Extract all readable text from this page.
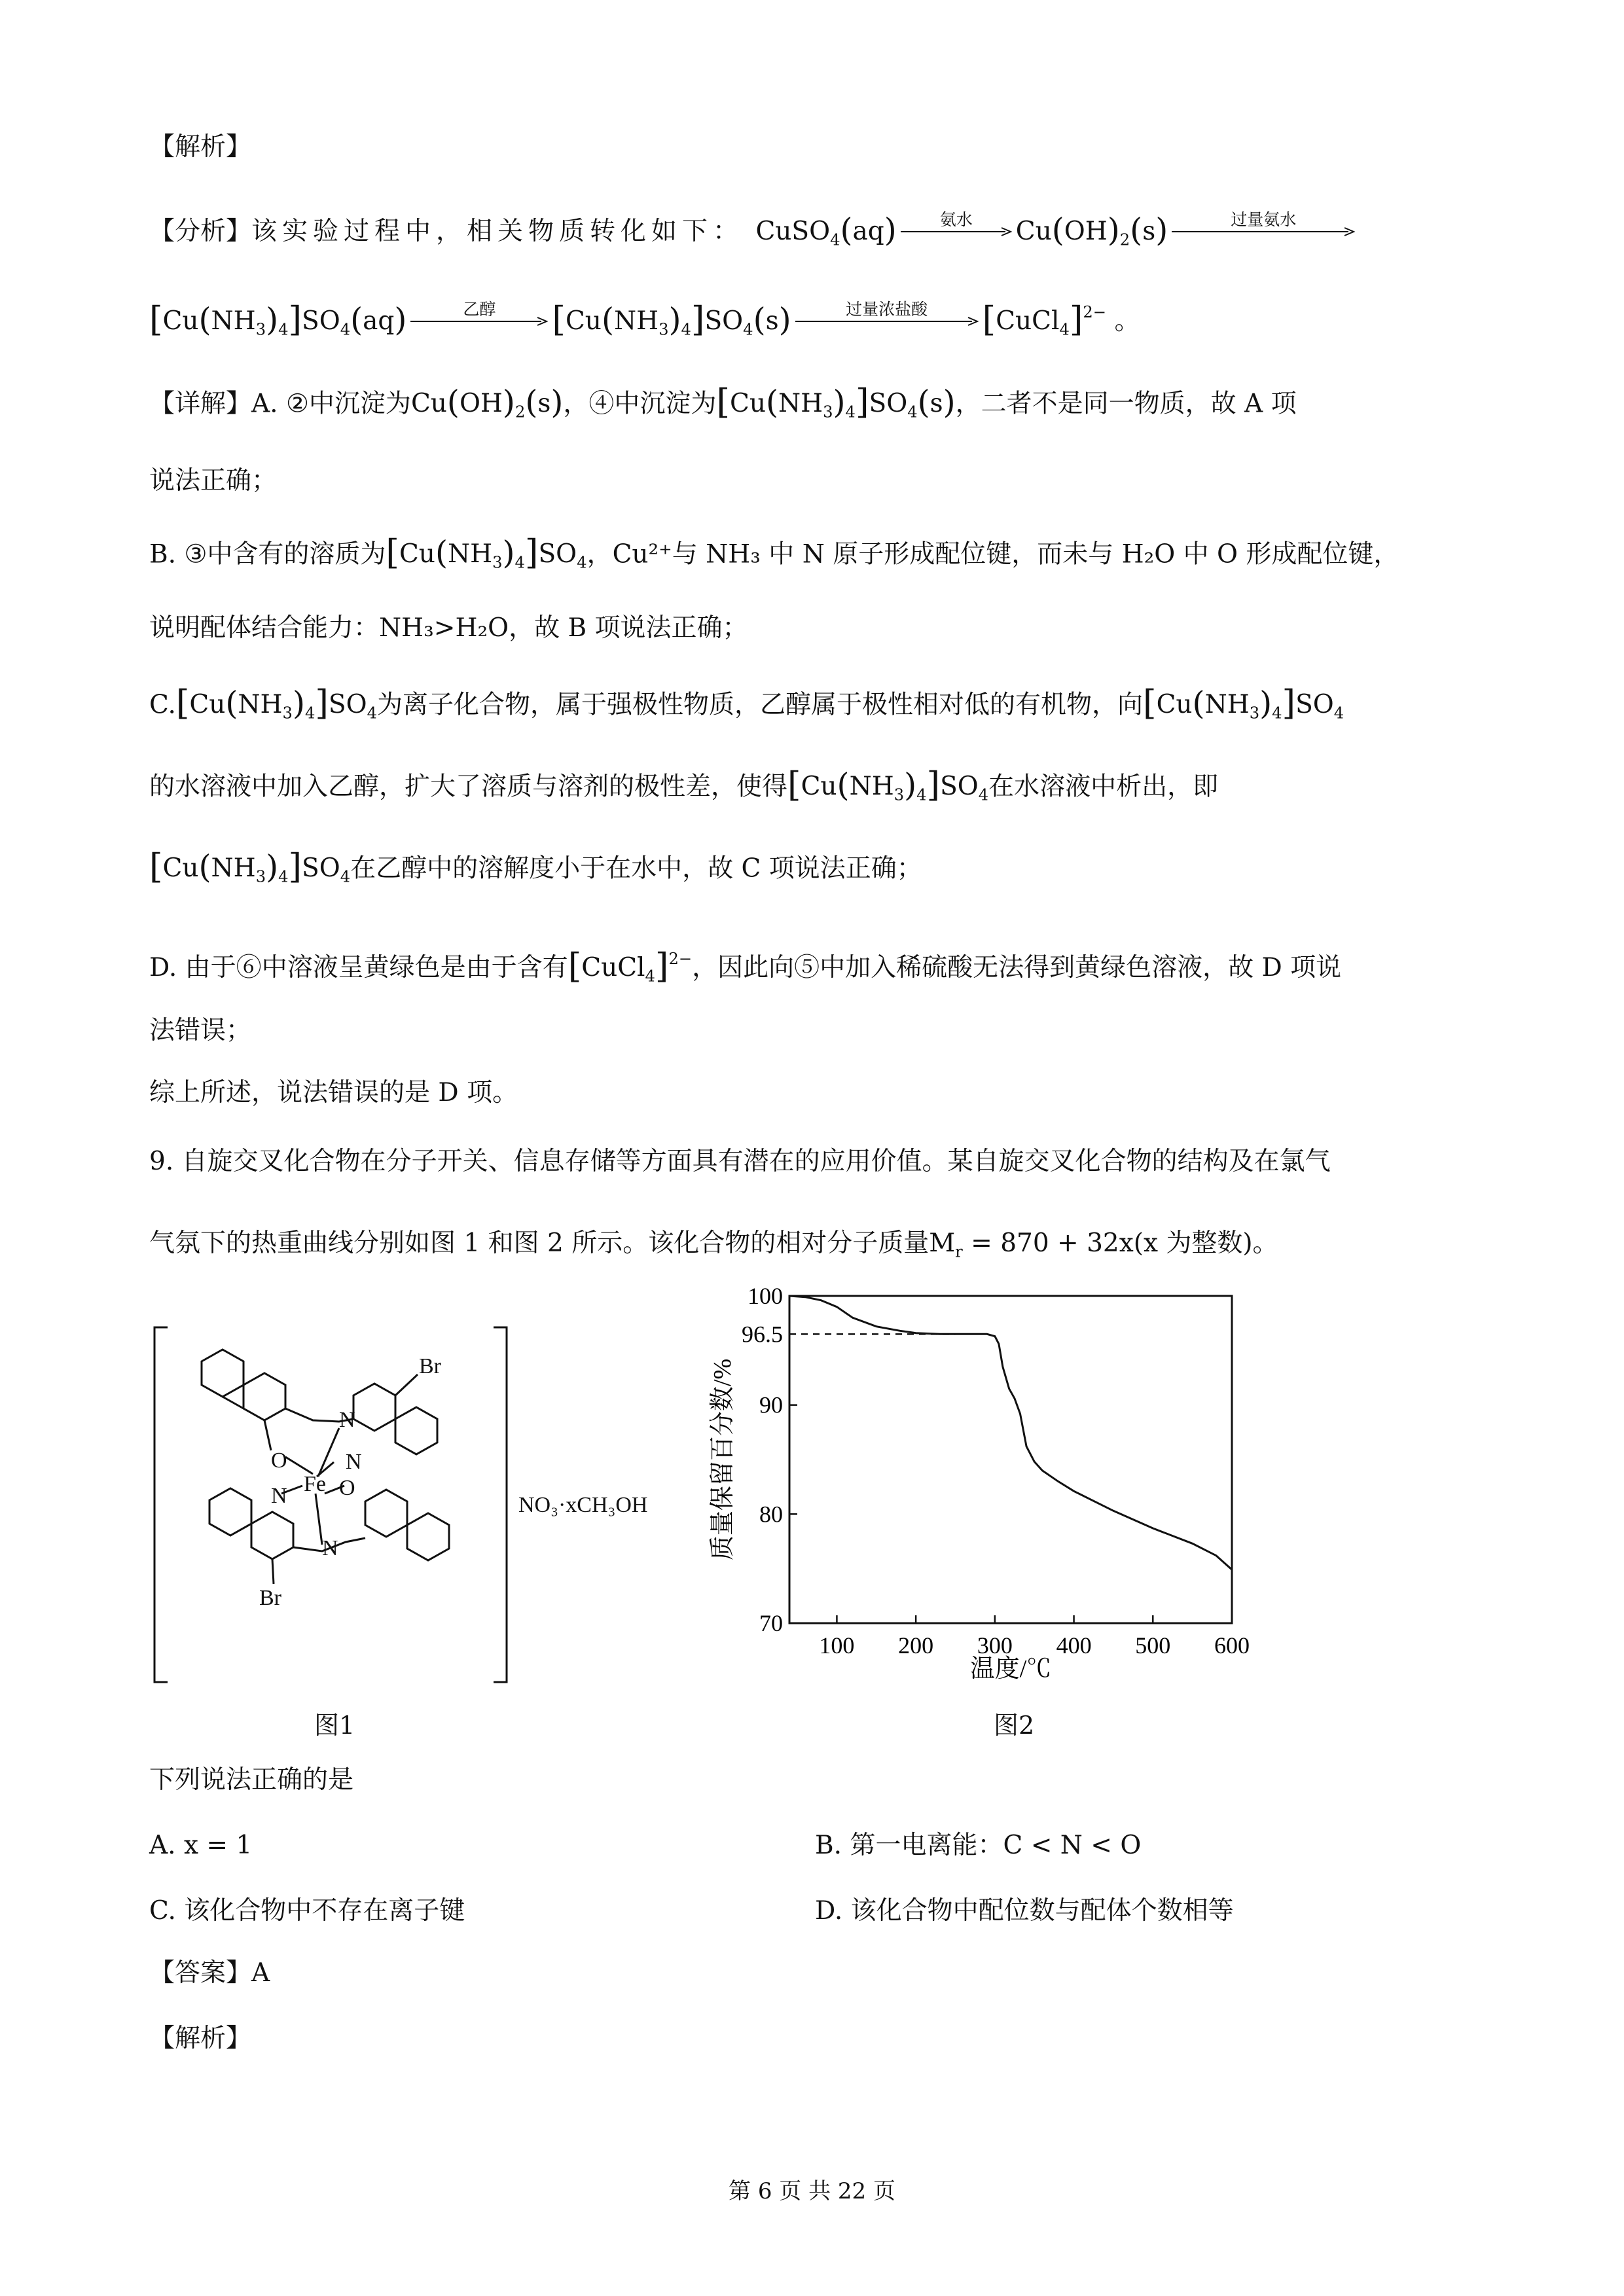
【解析】
【分析】该实验过程中，相关物质转化如下： CuSO$_4$(aq)	氨水	$Cu(OH)_2(s)$	过量氨水
$[Cu(NH_3)_4]SO_4(aq)$	乙醇	$[Cu(NH_3)_4]SO_4(s)$	过量浓盐酸	[CuCl$_4$]$^{2-}$ 。
【详解】A. ②中沉淀为$Cu(OH)_2(s)$，④中沉淀为$[Cu(NH_3)_4]SO_4(s)$，二者不是同一物质，故 A 项
说法正确；
B. ③中含有的溶质为$[Cu(NH_3)_4]SO_4$，Cu²⁺与 NH₃ 中 N 原子形成配位键，而未与 H₂O 中 O 形成配位键，
说明配体结合能力：NH₃>H₂O，故 B 项说法正确；
$C.[Cu(NH_3)_4]SO_4$为离子化合物，属于强极性物质，乙醇属于极性相对低的有机物，向$[Cu(NH_3)_4]SO_4$
的水溶液中加入乙醇，扩大了溶质与溶剂的极性差，使得$[Cu(NH_3)_4]SO_4$在水溶液中析出，即
$[Cu(NH_3)_4]SO_4$在乙醇中的溶解度小于在水中，故 C 项说法正确；
D. 由于⑥中溶液呈黄绿色是由于含有[CuCl$_4$]$^{2-}$，因此向⑤中加入稀硫酸无法得到黄绿色溶液，故 D 项说
法错误；
综上所述，说法错误的是 D 项。
9. 自旋交叉化合物在分子开关、信息存储等方面具有潜在的应用价值。某自旋交叉化合物的结构及在氯气
气氛下的热重曲线分别如图 1 和图 2 所示。该化合物的相对分子质量$M_r = 870 + 32x(x$ 为整数)。
Fe
O
N
N
Br
O
N
N
Br
NO₃·xCH₃OH
图1
100 200 300 400 500 600
70
80
90
100
96.5
温度/℃
质量保留百分数/%
图2
下列说法正确的是
A. x = 1	B. 第一电离能：C < N < O
C. 该化合物中不存在离子键	D. 该化合物中配位数与配体个数相等
【答案】A
【解析】
第 6 页 共 22 页
